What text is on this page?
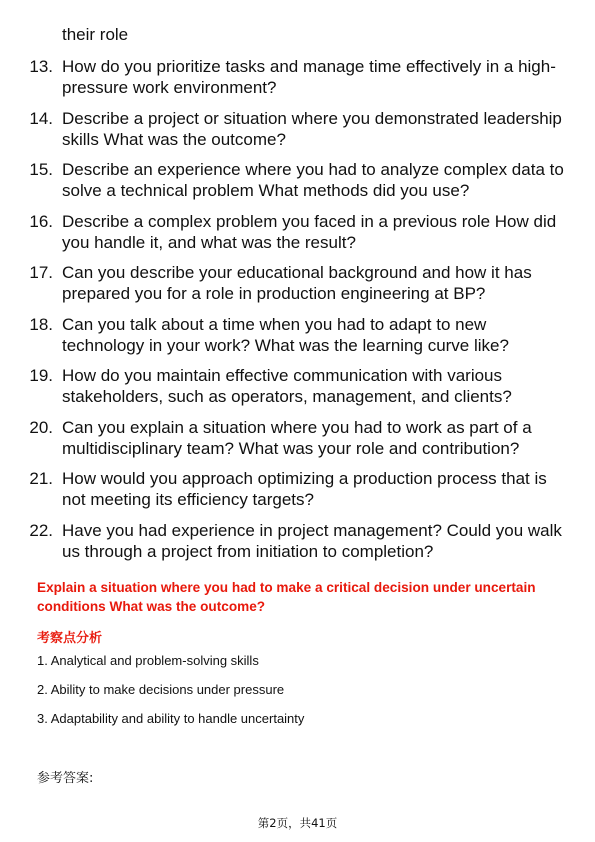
their role
13. How do you prioritize tasks and manage time effectively in a high-pressure work environment?
14. Describe a project or situation where you demonstrated leadership skills What was the outcome?
15. Describe an experience where you had to analyze complex data to solve a technical problem What methods did you use?
16. Describe a complex problem you faced in a previous role How did you handle it, and what was the result?
17. Can you describe your educational background and how it has prepared you for a role in production engineering at BP?
18. Can you talk about a time when you had to adapt to new technology in your work? What was the learning curve like?
19. How do you maintain effective communication with various stakeholders, such as operators, management, and clients?
20. Can you explain a situation where you had to work as part of a multidisciplinary team? What was your role and contribution?
21. How would you approach optimizing a production process that is not meeting its efficiency targets?
22. Have you had experience in project management? Could you walk us through a project from initiation to completion?
Explain a situation where you had to make a critical decision under uncertain conditions What was the outcome?
考察点分析
1. Analytical and problem-solving skills
2. Ability to make decisions under pressure
3. Adaptability and ability to handle uncertainty
参考答案:
第2页，共41页
